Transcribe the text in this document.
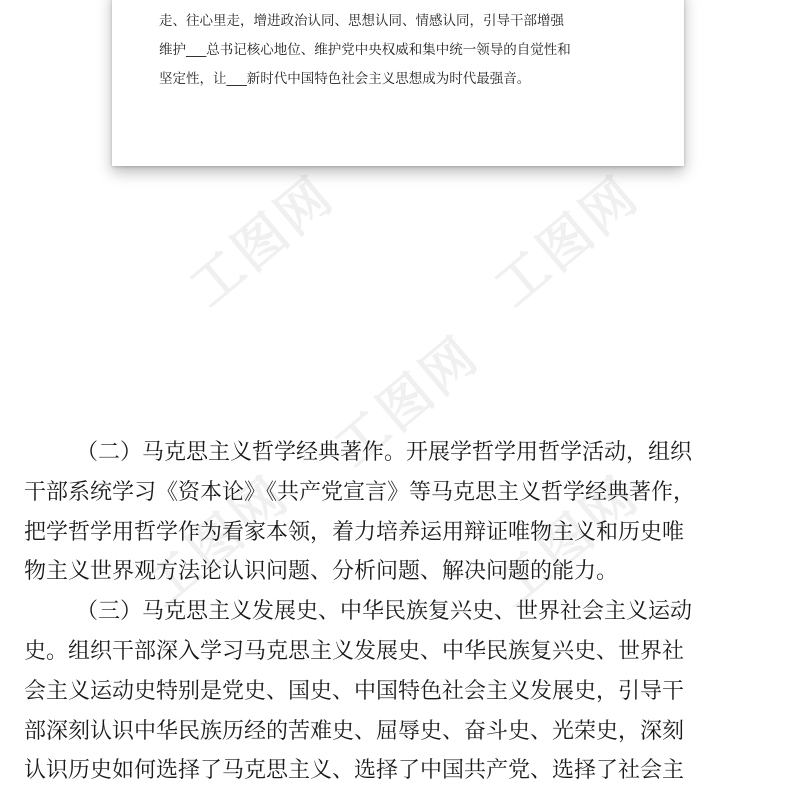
走、往心里走，增进政治认同、思想认同、情感认同，引导干部增强
维护___总书记核心地位、维护党中央权威和集中统一领导的自觉性和
坚定性，让___新时代中国特色社会主义思想成为时代最强音。
工图网	工图网
工图网
工图网
工图网
（二）马克思主义哲学经典著作。开展学哲学用哲学活动，组织
干部系统学习《资本论》《共产党宣言》等马克思主义哲学经典著作，
把学哲学用哲学作为看家本领，着力培养运用辩证唯物主义和历史唯
物主义世界观方法论认识问题、分析问题、解决问题的能力。
（三）马克思主义发展史、中华民族复兴史、世界社会主义运动
史。组织干部深入学习马克思主义发展史、中华民族复兴史、世界社
会主义运动史特别是党史、国史、中国特色社会主义发展史，引导干
部深刻认识中华民族历经的苦难史、屈辱史、奋斗史、光荣史，深刻
认识历史如何选择了马克思主义、选择了中国共产党、选择了社会主
